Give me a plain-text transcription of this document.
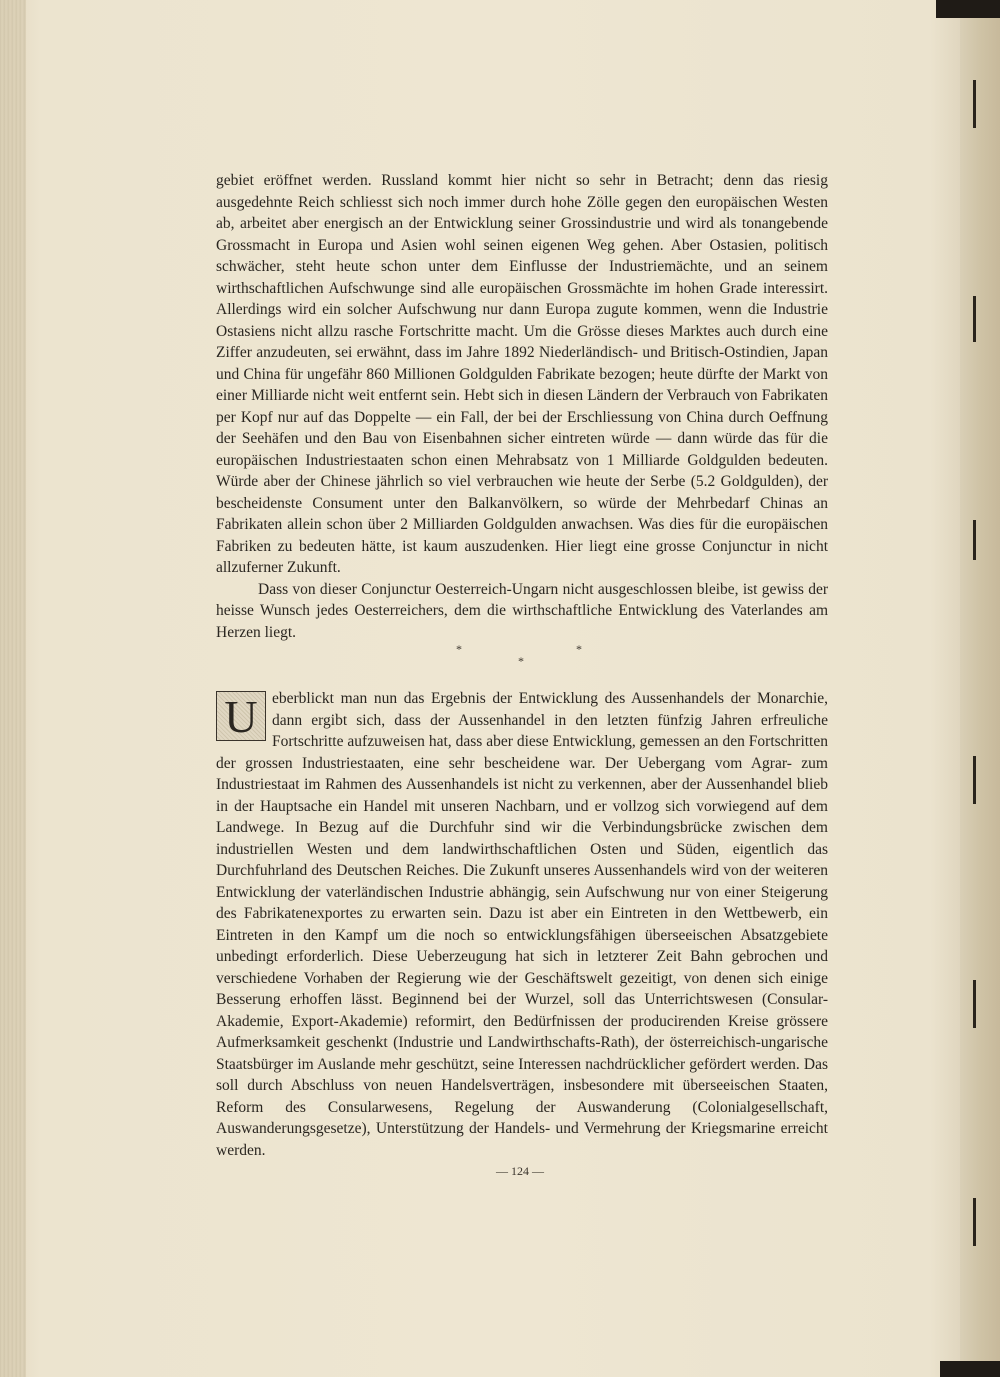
gebiet eröffnet werden. Russland kommt hier nicht so sehr in Betracht; denn das riesig ausgedehnte Reich schliesst sich noch immer durch hohe Zölle gegen den europäischen Westen ab, arbeitet aber energisch an der Entwicklung seiner Grossindustrie und wird als tonangebende Grossmacht in Europa und Asien wohl seinen eigenen Weg gehen. Aber Ostasien, politisch schwächer, steht heute schon unter dem Einflusse der Industriemächte, und an seinem wirthschaftlichen Aufschwunge sind alle europäischen Grossmächte im hohen Grade interessirt. Allerdings wird ein solcher Aufschwung nur dann Europa zugute kommen, wenn die Industrie Ostasiens nicht allzu rasche Fortschritte macht. Um die Grösse dieses Marktes auch durch eine Ziffer anzudeuten, sei erwähnt, dass im Jahre 1892 Niederländisch- und Britisch-Ostindien, Japan und China für ungefähr 860 Millionen Goldgulden Fabrikate bezogen; heute dürfte der Markt von einer Milliarde nicht weit entfernt sein. Hebt sich in diesen Ländern der Verbrauch von Fabrikaten per Kopf nur auf das Doppelte — ein Fall, der bei der Erschliessung von China durch Oeffnung der Seehäfen und den Bau von Eisenbahnen sicher eintreten würde — dann würde das für die europäischen Industriestaaten schon einen Mehrabsatz von 1 Milliarde Goldgulden bedeuten. Würde aber der Chinese jährlich so viel verbrauchen wie heute der Serbe (5.2 Goldgulden), der bescheidenste Consument unter den Balkanvölkern, so würde der Mehrbedarf Chinas an Fabrikaten allein schon über 2 Milliarden Goldgulden anwachsen. Was dies für die europäischen Fabriken zu bedeuten hätte, ist kaum auszudenken. Hier liegt eine grosse Conjunctur in nicht allzuferner Zukunft.

Dass von dieser Conjunctur Oesterreich-Ungarn nicht ausgeschlossen bleibe, ist gewiss der heisse Wunsch jedes Oesterreichers, dem die wirthschaftliche Entwicklung des Vaterlandes am Herzen liegt.

*
*
*

U eberblickt man nun das Ergebnis der Entwicklung des Aussenhandels der Monarchie, dann ergibt sich, dass der Aussenhandel in den letzten fünfzig Jahren erfreuliche Fortschritte aufzuweisen hat, dass aber diese Entwicklung, gemessen an den Fortschritten der grossen Industriestaaten, eine sehr bescheidene war. Der Uebergang vom Agrar- zum Industriestaat im Rahmen des Aussenhandels ist nicht zu verkennen, aber der Aussenhandel blieb in der Hauptsache ein Handel mit unseren Nachbarn, und er vollzog sich vorwiegend auf dem Landwege. In Bezug auf die Durchfuhr sind wir die Verbindungsbrücke zwischen dem industriellen Westen und dem landwirthschaftlichen Osten und Süden, eigentlich das Durchfuhrland des Deutschen Reiches. Die Zukunft unseres Aussenhandels wird von der weiteren Entwicklung der vaterländischen Industrie abhängig, sein Aufschwung nur von einer Steigerung des Fabrikatenexportes zu erwarten sein. Dazu ist aber ein Eintreten in den Wettbewerb, ein Eintreten in den Kampf um die noch so entwicklungsfähigen überseeischen Absatzgebiete unbedingt erforderlich. Diese Ueberzeugung hat sich in letzterer Zeit Bahn gebrochen und verschiedene Vorhaben der Regierung wie der Geschäftswelt gezeitigt, von denen sich einige Besserung erhoffen lässt. Beginnend bei der Wurzel, soll das Unterrichtswesen (Consular-Akademie, Export-Akademie) reformirt, den Bedürfnissen der producirenden Kreise grössere Aufmerksamkeit geschenkt (Industrie und Landwirthschafts-Rath), der österreichisch-ungarische Staatsbürger im Auslande mehr geschützt, seine Interessen nachdrücklicher gefördert werden. Das soll durch Abschluss von neuen Handelsverträgen, insbesondere mit überseeischen Staaten, Reform des Consularwesens, Regelung der Auswanderung (Colonialgesellschaft, Auswanderungsgesetze), Unterstützung der Handels- und Vermehrung der Kriegsmarine erreicht werden.

— 124 —
